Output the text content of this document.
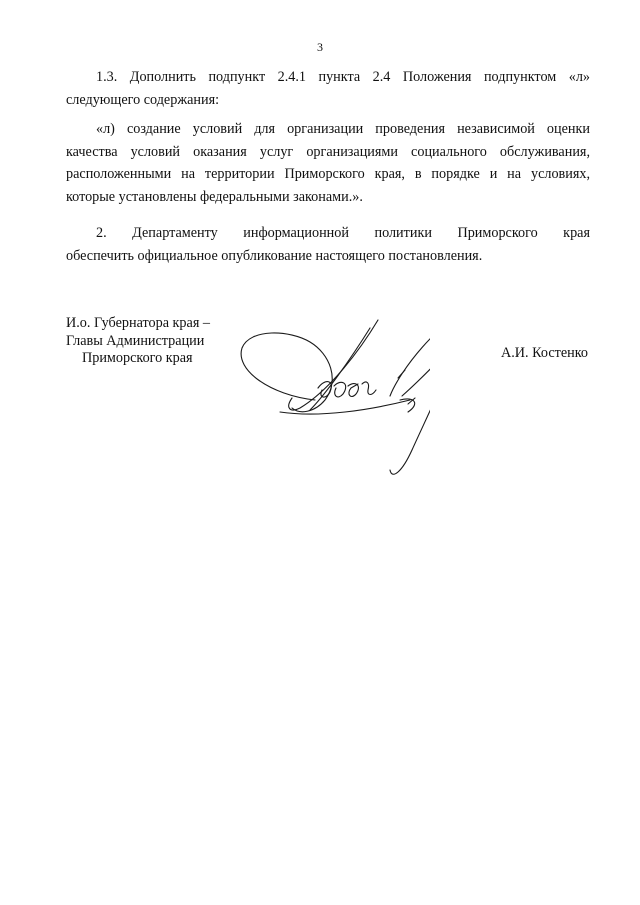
3
1.3. Дополнить подпункт 2.4.1 пункта 2.4 Положения подпунктом «л»
следующего содержания:
«л) создание условий для организации проведения независимой оценки
качества условий оказания услуг организациями социального обслуживания,
расположенными на территории Приморского края, в порядке и на условиях,
которые установлены федеральными законами.».
2. Департаменту информационной политики Приморского края
обеспечить официальное опубликование настоящего постановления.
И.о. Губернатора края –
Главы Администрации
Приморского края	А.И. Костенко
